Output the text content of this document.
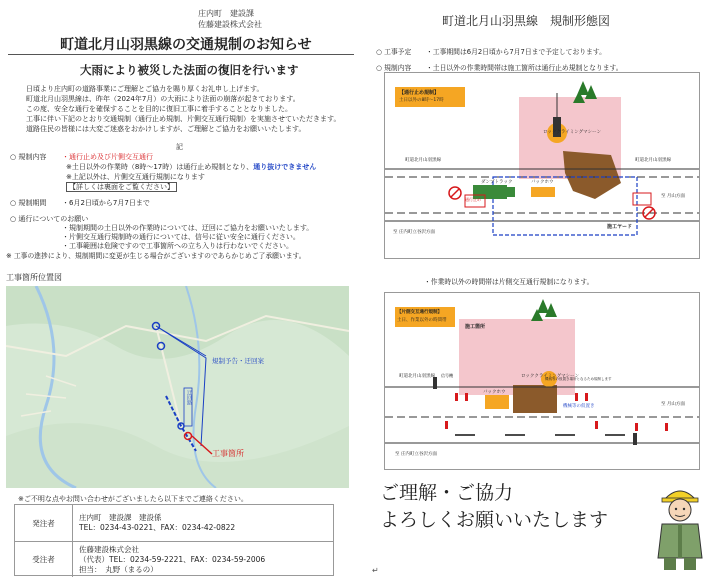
庄内町　建設課
佐藤建設株式会社
町道北月山羽黒線の交通規制のお知らせ
大雨により被災した法面の復旧を行います
日頃より庄内町の道路事業にご理解とご協力を賜り厚くお礼申し上げます。
町道北月山羽黒線は、昨年（2024年7月）の大雨により法面の崩落が起きております。
この度、安全な通行を確保することを目的に復旧工事に着手することとなりました。
工事に伴い下記のとおり交通規制（通行止め規制、片側交互通行規制）を実施させていただきます。
道路住民の皆様には大変ご迷惑をおかけしますが、ご理解とご協力をお願いいたします。
記
○ 規制内容 ・通行止め及び片側交互通行
※土日以外の作業時（8時～17時）は通行止め規制となり、通り抜けできません
※上記以外は、片側交互通行規制になります
【詳しくは裏面をご覧ください】
○ 規制期間 ・6月2日頃から7月7日まで
○ 通行についてのお願い
・規制期間の土日以外の作業時については、迂回にご協力をお願いいたします。
・片側交互通行規制時の通行については、信号に従い安全に通行ください。
・工事範囲は危険ですので工事箇所への立ち入りは行わないでください。
※ 工事の進捗により、規制期間に変更が生じる場合がございますのであらかじめご了承願います。
工事箇所位置図
規制予告・迂回案
迂回路
工事箇所
※ご不明な点やお問い合わせがございましたら以下までご連絡ください。
発注者
庄内町　建設課　建設係
TEL：0234-43-0221、FAX：0234-42-0822
受注者
佐藤建設株式会社
（代表）TEL：0234-59-2221、FAX：0234-59-2006
担当：　丸野（まるの）
町道北月山羽黒線　規制形態図
○ 工事予定 ・工事期間は6月2日頃から7月7日まで予定しております。
○ 規制内容 ・土日以外の作業時間帯は施工箇所は通行止め規制となります。
【通行止め規制】
土日以外の8時～17時
ロッククライミングマシーン
ダンプトラック	バックホウ
町道北月山羽黒線	町道北月山羽黒線
施工ヤード
至 庄内町立谷沢方面
至 月山方面
通行止め
・作業時以外の時間帯は片側交互通行規制になります。
【片側交互通行規制】
土日、作業以外の時間帯
施工箇所
ロッククライミングマシーン
バックホウ
機械等の仮置き
機械等の仮置き場所となるため規制します
町道北月山羽黒線 信号機
至 庄内町立谷沢方面
至 月山方面
ご理解・ご協力
よろしくお願いいたします
↵
